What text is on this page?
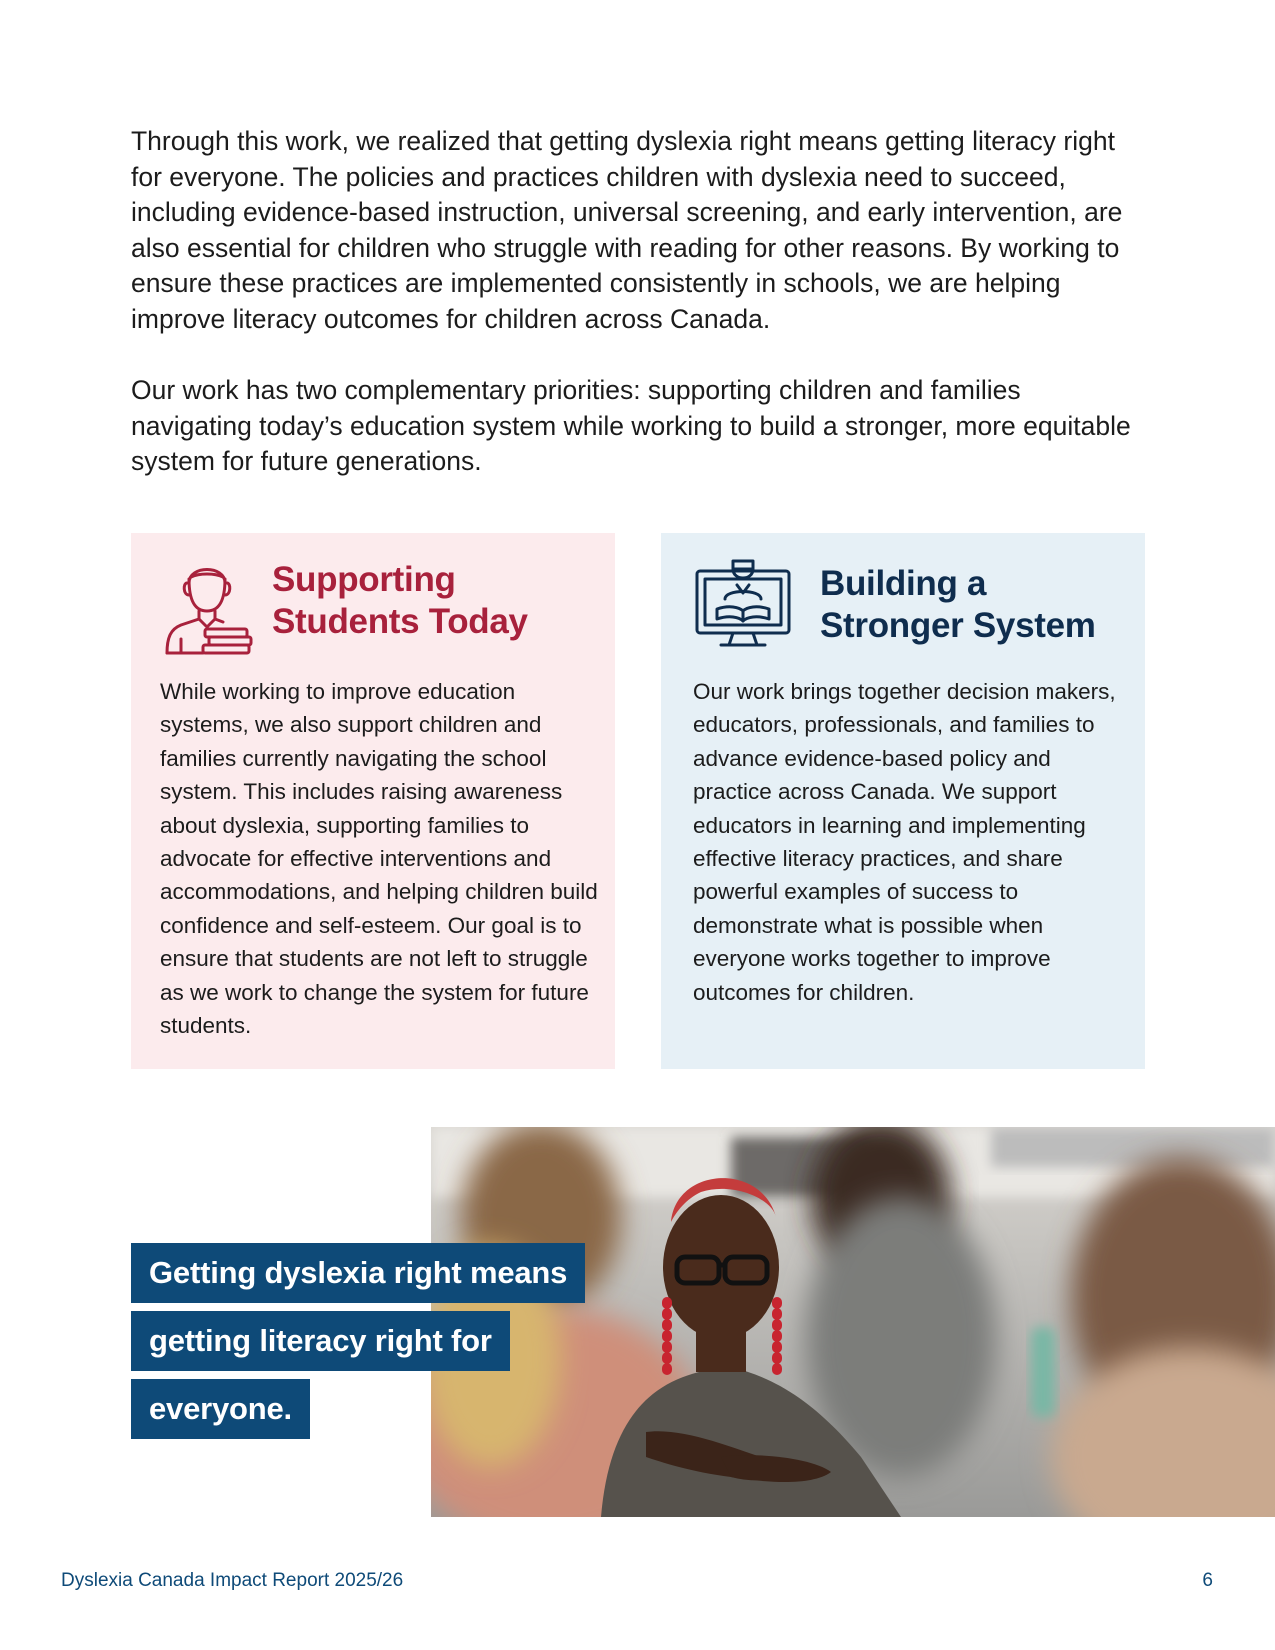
Through this work, we realized that getting dyslexia right means getting literacy right for everyone. The policies and practices children with dyslexia need to succeed, including evidence-based instruction, universal screening, and early intervention, are also essential for children who struggle with reading for other reasons. By working to ensure these practices are implemented consistently in schools, we are helping improve literacy outcomes for children across Canada.

Our work has two complementary priorities: supporting children and families navigating today’s education system while working to build a stronger, more equitable system for future generations.

Supporting
Students Today

While working to improve education systems, we also support children and families currently navigating the school system. This includes raising awareness about dyslexia, supporting families to advocate for effective interventions and accommodations, and helping children build confidence and self-esteem. Our goal is to ensure that students are not left to struggle as we work to change the system for future students.

Building a
Stronger System

Our work brings together decision makers, educators, professionals, and families to advance evidence-based policy and practice across Canada. We support educators in learning and implementing effective literacy practices, and share powerful examples of success to demonstrate what is possible when everyone works together to improve outcomes for children.

Getting dyslexia right means
getting literacy right for
everyone.
Dyslexia Canada Impact Report 2025/26	6
